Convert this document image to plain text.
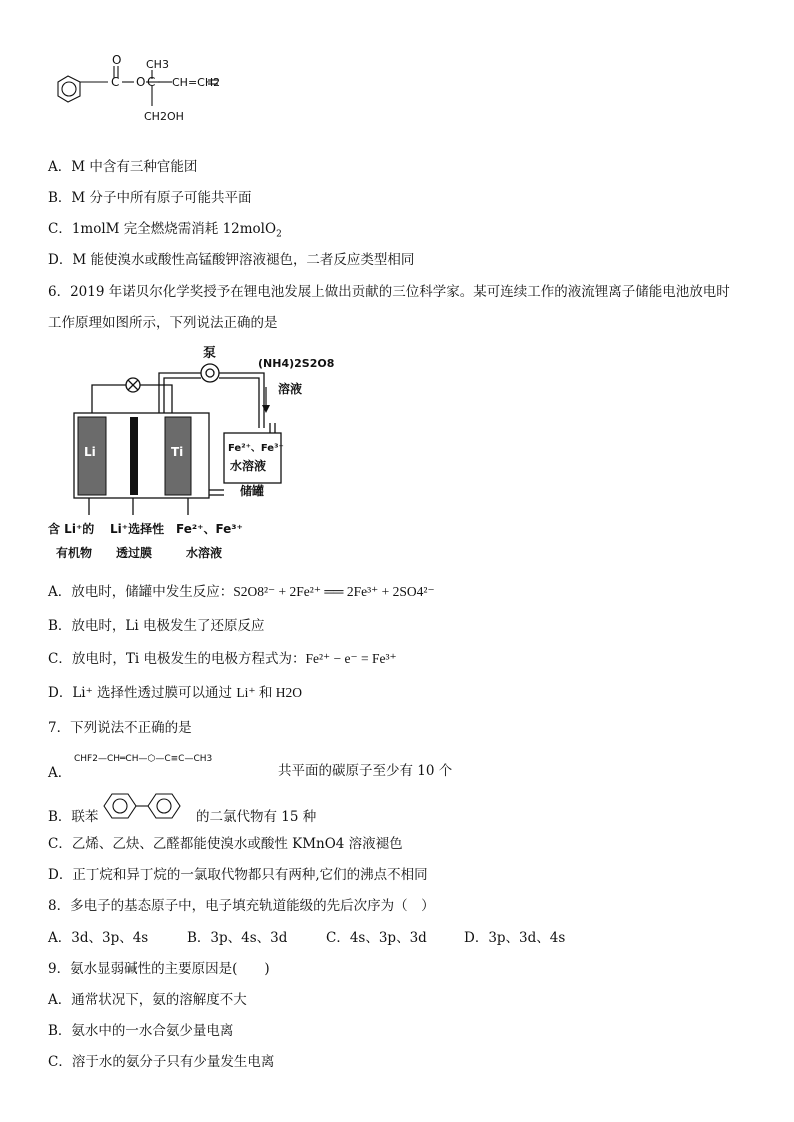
O
C O C
CH3
CH=CH2
CH2OH
A．M 中含有三种官能团
B．M 分子中所有原子可能共平面
C．1molM 完全燃烧需消耗 12molO$_2$
D．M 能使溴水或酸性高锰酸钾溶液褪色，二者反应类型相同
6．2019 年诺贝尔化学奖授予在锂电池发展上做出贡献的三位科学家。某可连续工作的液流锂离子储能电池放电时
工作原理如图所示，下列说法正确的是
Li	Ti
泵
(NH4)2S2O8
溶液
Fe²⁺、Fe³⁺
水溶液
储罐
含 Li⁺的
有机物
Li⁺选择性
透过膜
Fe²⁺、Fe³⁺
水溶液
A．放电时，储罐中发生反应：S2O8²⁻ + 2Fe²⁺ ══ 2Fe³⁺ + 2SO4²⁻
B．放电时，Li 电极发生了还原反应
C．放电时，Ti 电极发生的电极方程式为：Fe²⁺ − e⁻ = Fe³⁺
D．Li⁺ 选择性透过膜可以通过 Li⁺ 和 H2O
7．下列说法不正确的是
A．
CHF2—CH═CH—⬡—C≡C—CH3
共平面的碳原子至少有 10 个
B．联苯	的二氯代物有 15 种
C．乙烯、乙炔、乙醛都能使溴水或酸性 KMnO4 溶液褪色
D．正丁烷和异丁烷的一氯取代物都只有两种,它们的沸点不相同
8．多电子的基态原子中，电子填充轨道能级的先后次序为（　）
A．3d、3p、4s	B．3p、4s、3d	C．4s、3p、3d	D．3p、3d、4s
9．氨水显弱碱性的主要原因是(　　)
A．通常状况下，氨的溶解度不大
B．氨水中的一水合氨少量电离
C．溶于水的氨分子只有少量发生电离
